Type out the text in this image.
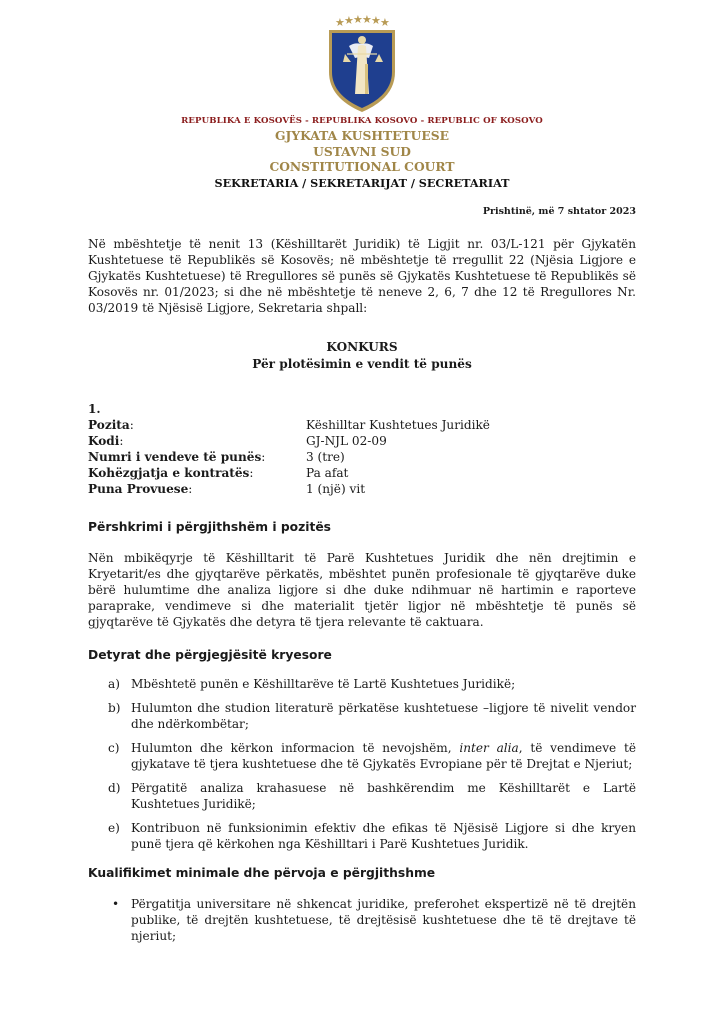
★ ★ ★ ★ ★ ★
REPUBLIKA E KOSOVËS - REPUBLIKA KOSOVO - REPUBLIC OF KOSOVO
GJYKATA KUSHTETUESE
USTAVNI SUD
CONSTITUTIONAL COURT
SEKRETARIA / SEKRETARIJAT / SECRETARIAT
Prishtinë, më 7 shtator 2023
Në mbështetje të nenit 13 (Këshilltarët Juridik) të Ligjit nr. 03/L-121 për Gjykatën Kushtetuese të Republikës së Kosovës; në mbështetje të rregullit 22 (Njësia Ligjore e Gjykatës Kushtetuese) të Rregullores së punës së Gjykatës Kushtetuese të Republikës së Kosovës nr. 01/2023; si dhe në mbështetje të neneve 2, 6, 7 dhe 12 të Rregullores Nr. 03/2019 të Njësisë Ligjore, Sekretaria shpall:
KONKURS
Për plotësimin e vendit të punës
1.
Pozita:	Këshilltar Kushtetues Juridikë
Kodi:	GJ-NJL 02-09
Numri i vendeve të punës:	3 (tre)
Kohëzgjatja e kontratës:	Pa afat
Puna Provuese:	1 (një) vit
Përshkrimi i përgjithshëm i pozitës
Nën mbikëqyrje të Këshilltarit të Parë Kushtetues Juridik dhe nën drejtimin e Kryetarit/es dhe gjyqtarëve përkatës, mbështet punën profesionale të gjyqtarëve duke bërë hulumtime dhe analiza ligjore si dhe duke ndihmuar në hartimin e raporteve paraprake, vendimeve si dhe materialit tjetër ligjor në mbështetje të punës së gjyqtarëve të Gjykatës dhe detyra të tjera relevante të caktuara.
Detyrat dhe përgjegjësitë kryesore
a) Mbështetë punën e Këshilltarëve të Lartë Kushtetues Juridikë;
b) Hulumton dhe studion literaturë përkatëse kushtetuese –ligjore të nivelit vendor dhe ndërkombëtar;
c) Hulumton dhe kërkon informacion të nevojshëm, inter alia, të vendimeve të gjykatave të tjera kushtetuese dhe të Gjykatës Evropiane për të Drejtat e Njeriut;
d) Përgatitë analiza krahasuese në bashkërendim me Këshilltarët e Lartë Kushtetues Juridikë;
e) Kontribuon në funksionimin efektiv dhe efikas të Njësisë Ligjore si dhe kryen punë tjera që kërkohen nga Këshilltari i Parë Kushtetues Juridik.
Kualifikimet minimale dhe përvoja e përgjithshme
• Përgatitja universitare në shkencat juridike, preferohet ekspertizë në të drejtën publike, të drejtën kushtetuese, të drejtësisë kushtetuese dhe të të drejtave të njeriut;
